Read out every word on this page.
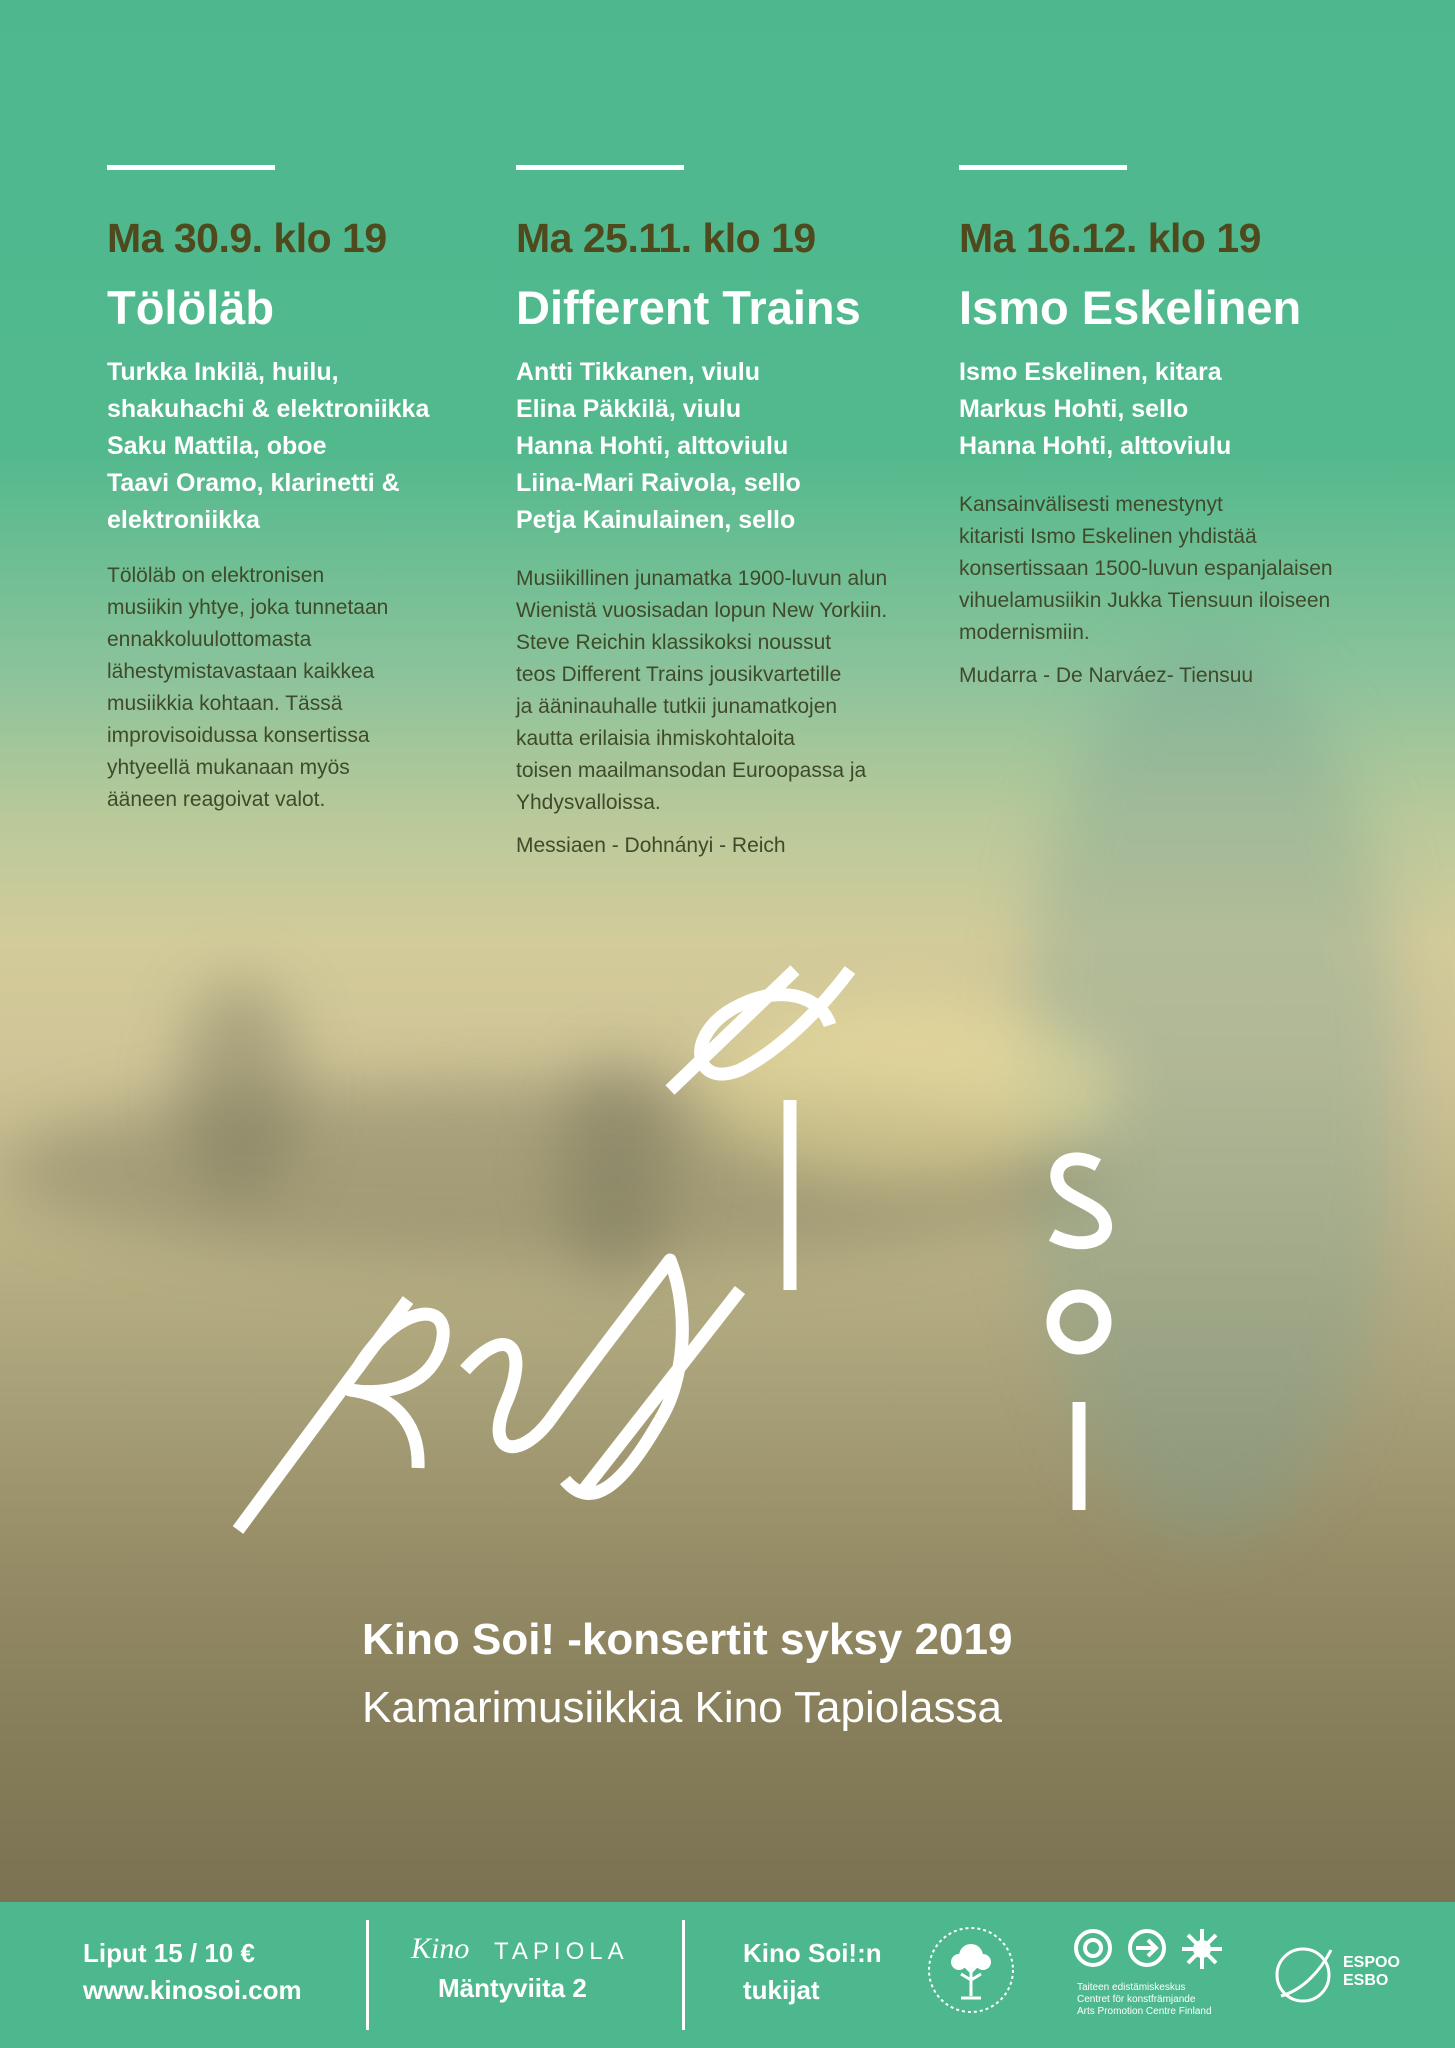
Ma 30.9. klo 19
Tölöläb
Turkka Inkilä, huilu,
shakuhachi & elektroniikka
Saku Mattila, oboe
Taavi Oramo, klarinetti &
elektroniikka
Tölöläb on elektronisen
musiikin yhtye, joka tunnetaan
ennakkoluulottomasta
lähestymistavastaan kaikkea
musiikkia kohtaan. Tässä
improvisoidussa konsertissa
yhtyeellä mukanaan myös
ääneen reagoivat valot.
Ma 25.11. klo 19
Different Trains
Antti Tikkanen, viulu
Elina Päkkilä, viulu
Hanna Hohti, alttoviulu
Liina-Mari Raivola, sello
Petja Kainulainen, sello
Musiikillinen junamatka 1900-luvun alun
Wienistä vuosisadan lopun New Yorkiin.
Steve Reichin klassikoksi noussut
teos Different Trains jousikvartetille
ja ääninauhalle tutkii junamatkojen
kautta erilaisia ihmiskohtaloita
toisen maailmansodan Euroopassa ja
Yhdysvalloissa.
Messiaen - Dohnányi - Reich
Ma 16.12. klo 19
Ismo Eskelinen
Ismo Eskelinen, kitara
Markus Hohti, sello
Hanna Hohti, alttoviulu
Kansainvälisesti menestynyt
kitaristi Ismo Eskelinen yhdistää
konsertissaan 1500-luvun espanjalaisen
vihuelamusiikin Jukka Tiensuun iloiseen
modernismiin.
Mudarra - De Narváez- Tiensuu
Kino Soi! -konsertit syksy 2019
Kamarimusiikkia Kino Tapiolassa
Liput 15 / 10 €
www.kinosoi.com
Kino TAPIOLA
Mäntyviita 2
Kino Soi!:n
tukijat	Taiteen edistämiskeskus
Centret för konstfrämjande
Arts Promotion Centre Finland
ESPOO
ESBO
